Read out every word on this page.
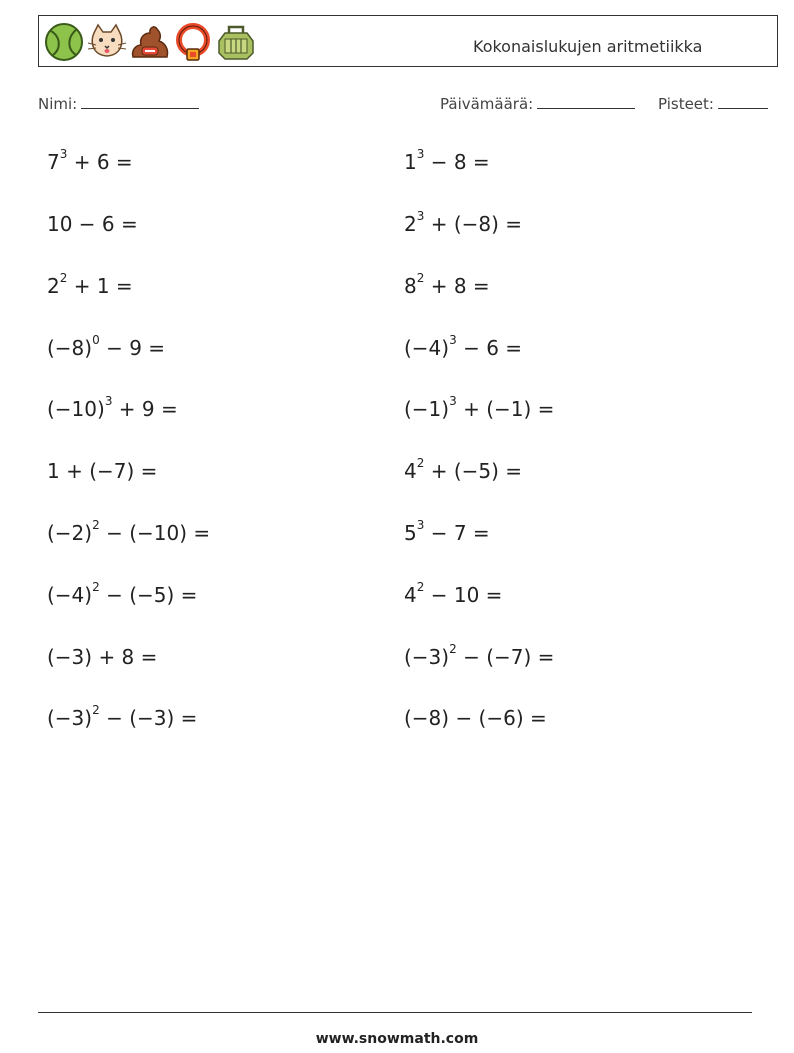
Kokonaislukujen aritmetiikka
Nimi:	Päivämäärä:	Pisteet:
$7^3 + 6$ =
10 − 6 =
$2^2 + 1$ =
$(-8)^0 - 9$ =
$(-10)^3 + 9$ =
1 + (−7) =
$(-2)^2 - (-10)$ =
$(-4)^2 - (-5)$ =
(−3) + 8 =
$(-3)^2 - (-3)$ =
$1^3 - 8$ =
$2^3 + (-8)$ =
$8^2 + 8$ =
$(-4)^3 - 6$ =
$(-1)^3 + (-1)$ =
$4^2 + (-5)$ =
$5^3 - 7$ =
$4^2 - 10$ =
$(-3)^2 - (-7)$ =
(−8) − (−6) =
www.snowmath.com
